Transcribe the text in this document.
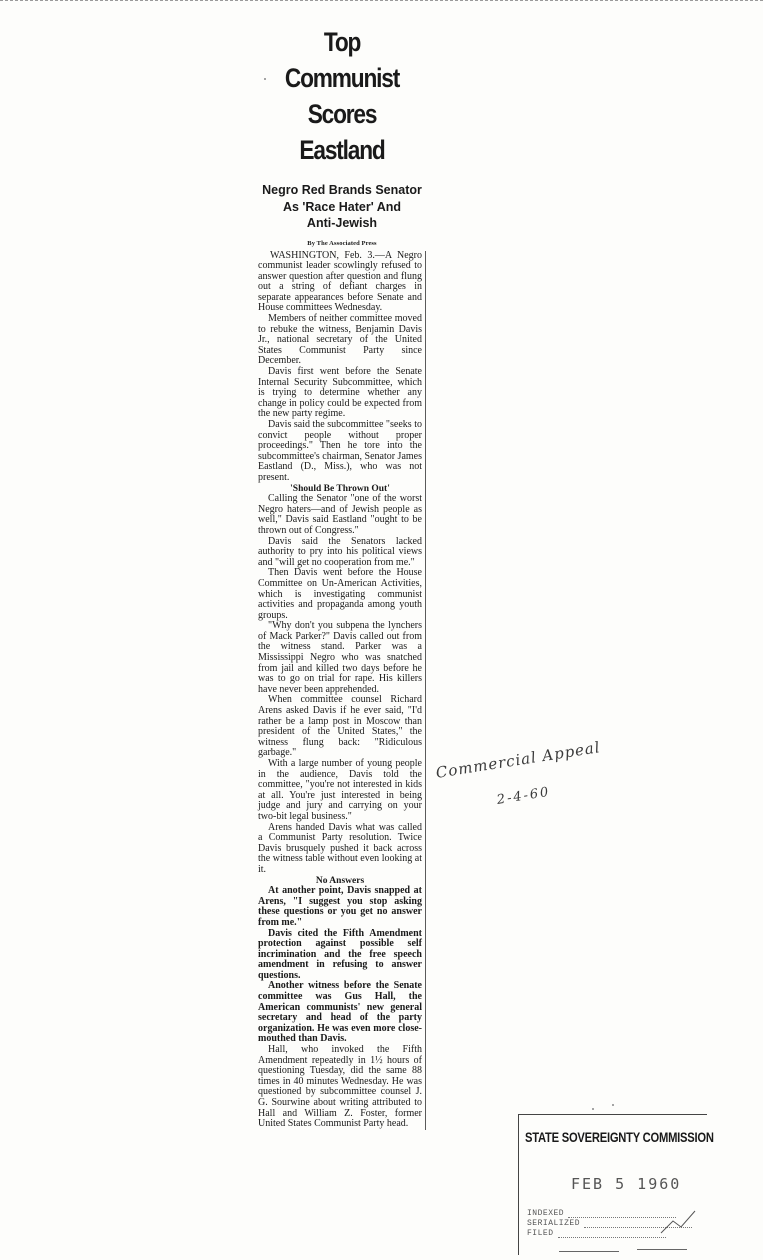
Top Communist
Scores Eastland
Negro Red Brands Senator
As 'Race Hater' And
Anti-Jewish
By The Associated Press

WASHINGTON, Feb. 3.—A Negro communist leader scowlingly refused to answer question after question and flung out a string of defiant charges in separate appearances before Senate and House committees Wednesday.

Members of neither committee moved to rebuke the witness, Benjamin Davis Jr., national secretary of the United States Communist Party since December.

Davis first went before the Senate Internal Security Subcommittee, which is trying to determine whether any change in policy could be expected from the new party regime.

Davis said the subcommittee "seeks to convict people without proper proceedings." Then he tore into the subcommittee's chairman, Senator James Eastland (D., Miss.), who was not present.

'Should Be Thrown Out'

Calling the Senator "one of the worst Negro haters—and of Jewish people as well," Davis said Eastland "ought to be thrown out of Congress."

Davis said the Senators lacked authority to pry into his political views and "will get no cooperation from me."

Then Davis went before the House Committee on Un-American Activities, which is investigating communist activities and propaganda among youth groups.

"Why don't you subpena the lynchers of Mack Parker?" Davis called out from the witness stand. Parker was a Mississippi Negro who was snatched from jail and killed two days before he was to go on trial for rape. His killers have never been apprehended.

When committee counsel Richard Arens asked Davis if he ever said, "I'd rather be a lamp post in Moscow than president of the United States," the witness flung back: "Ridiculous garbage."

With a large number of young people in the audience, Davis told the committee, "you're not interested in kids at all. You're just interested in being judge and jury and carrying on your two-bit legal business."

Arens handed Davis what was called a Communist Party resolution. Twice Davis brusquely pushed it back across the witness table without even looking at it.

No Answers

At another point, Davis snapped at Arens, "I suggest you stop asking these questions or you get no answer from me."

Davis cited the Fifth Amendment protection against possible self incrimination and the free speech amendment in refusing to answer questions.

Another witness before the Senate committee was Gus Hall, the American communists' new general secretary and head of the party organization. He was even more close-mouthed than Davis.

Hall, who invoked the Fifth Amendment repeatedly in 1½ hours of questioning Tuesday, did the same 88 times in 40 minutes Wednesday. He was questioned by subcommittee counsel J. G. Sourwine about writing attributed to Hall and William Z. Foster, former United States Communist Party head.

Commercial Appeal
2-4-60
STATE SOVEREIGNTY COMMISSION
FEB 5 1960
INDEXED
SERIALIZED
FILED
